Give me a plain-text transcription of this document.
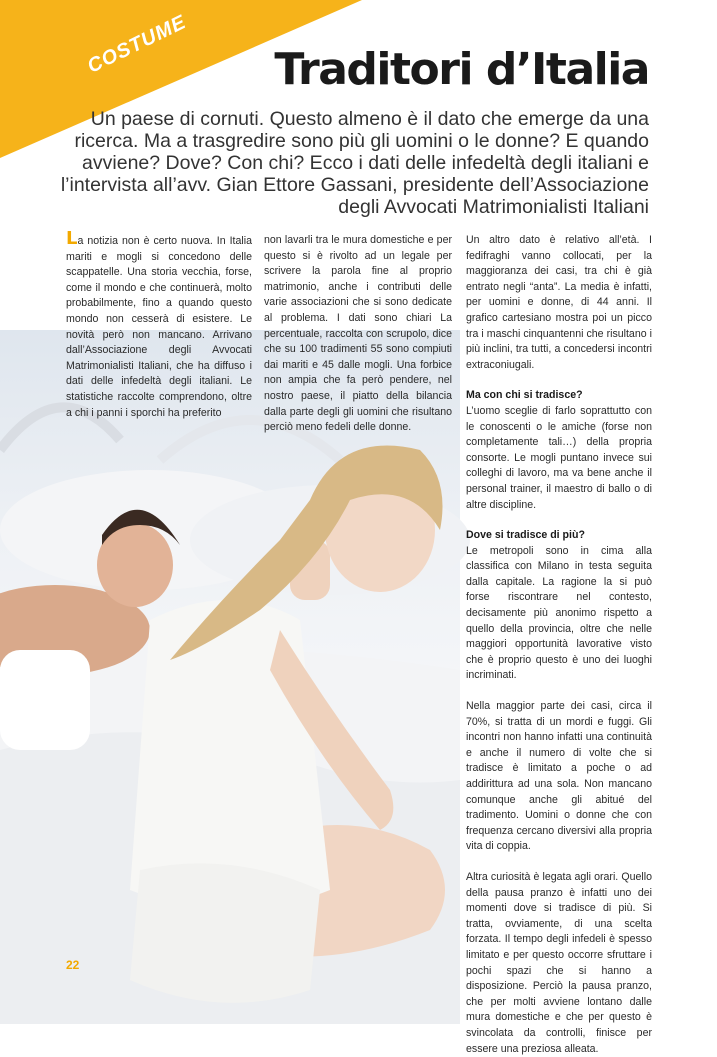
COSTUME Traditori d’Italia
Un paese di cornuti. Questo almeno è il dato che emerge da una ricerca. Ma a trasgredire sono più gli uomini o le donne? E quando avviene? Dove? Con chi? Ecco i dati delle infedeltà degli italiani e l’intervista all’avv. Gian Ettore Gassani, presidente dell’Associazione degli Avvocati Matrimonialisti Italiani

La notizia non è certo nuova. In Italia mariti e mogli si concedono delle scappatelle. Una storia vecchia, forse, come il mondo e che continuerà, molto probabilmente, fino a quando questo mondo non cesserà di esistere. Le novità però non mancano. Arrivano dall’Associazione degli Avvocati Matrimonialisti Italiani, che ha diffuso i dati delle infedeltà degli italiani. Le statistiche raccolte comprendono, oltre a chi i panni i sporchi ha preferito

non lavarli tra le mura domestiche e per questo si è rivolto ad un legale per scrivere la parola fine al proprio matrimonio, anche i contributi delle varie associazioni che si sono dedicate al problema. I dati sono chiari La percentuale, raccolta con scrupolo, dice che su 100 tradimenti 55 sono compiuti dai mariti e 45 dalle mogli. Una forbice non ampia che fa però pendere, nel nostro paese, il piatto della bilancia dalla parte degli gli uomini che risultano perciò meno fedeli delle donne.

Un altro dato è relativo all’età. I fedifraghi vanno collocati, per la maggioranza dei casi, tra chi è già entrato negli “anta”. La media è infatti, per uomini e donne, di 44 anni. Il grafico cartesiano mostra poi un picco tra i maschi cinquantenni che risultano i più inclini, tra tutti, a concedersi incontri extraconiugali.

Ma con chi si tradisce?

L’uomo sceglie di farlo soprattutto con le conoscenti o le amiche (forse non completamente tali…) della propria consorte. Le mogli puntano invece sui colleghi di lavoro, ma va bene anche il personal trainer, il maestro di ballo o di altre discipline.

Dove si tradisce di più?

Le metropoli sono in cima alla classifica con Milano in testa seguita dalla capitale. La ragione la si può forse riscontrare nel contesto, decisamente più anonimo rispetto a quello della provincia, oltre che nelle maggiori opportunità lavorative visto che è proprio questo è uno dei luoghi incriminati.

Nella maggior parte dei casi, circa il 70%, si tratta di un mordi e fuggi. Gli incontri non hanno infatti una continuità e anche il numero di volte che si tradisce è limitato a poche o ad addirittura ad una sola. Non mancano comunque anche gli abitué del tradimento. Uomini o donne che con frequenza cercano diversivi alla propria vita di coppia.

Altra curiosità è legata agli orari. Quello della pausa pranzo è infatti uno dei momenti dove si tradisce di più. Si tratta, ovviamente, di una scelta forzata. Il tempo degli infedeli è spesso limitato e per questo occorre sfruttare i pochi spazi che si hanno a disposizione. Perciò la pausa pranzo, che per molti avviene lontano dalle mura domestiche e che per questo è svincolata da controlli, finisce per essere una preziosa alleata.

22
